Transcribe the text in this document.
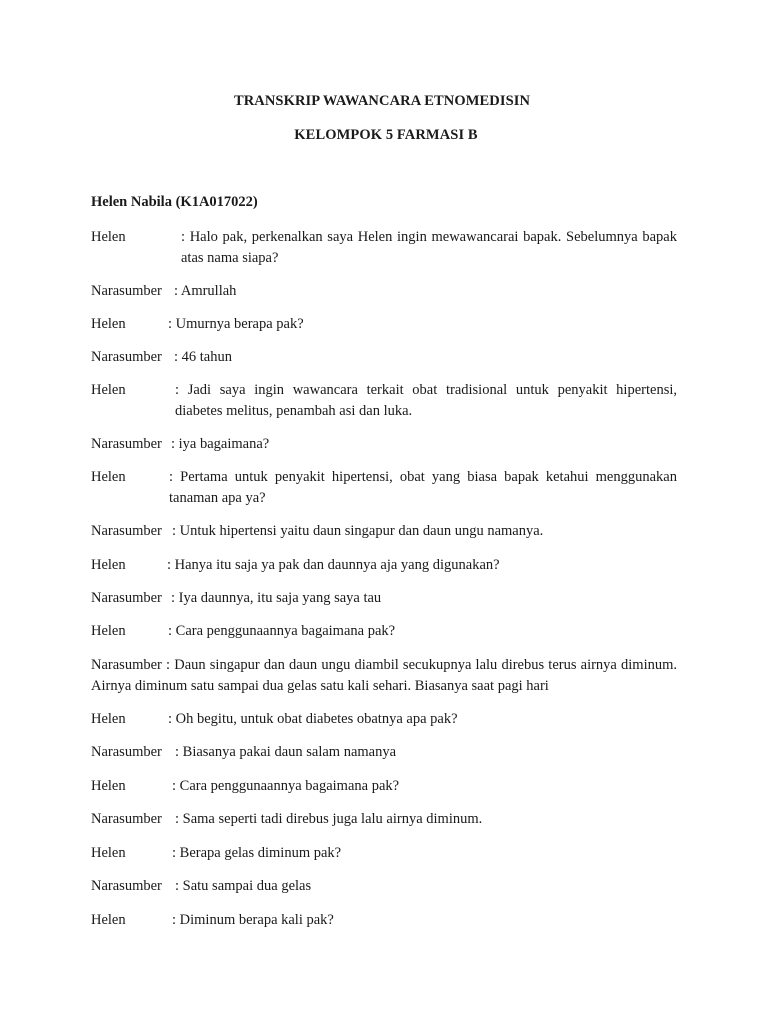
TRANSKRIP WAWANCARA ETNOMEDISIN
KELOMPOK 5 FARMASI B
Helen Nabila (K1A017022)
Helen	: Halo pak, perkenalkan saya Helen ingin mewawancarai bapak. Sebelumnya bapak atas nama siapa?
Narasumber : Amrullah
Helen	: Umurnya berapa pak?
Narasumber : 46 tahun
Helen	: Jadi saya ingin wawancara terkait obat tradisional untuk penyakit hipertensi, diabetes melitus, penambah asi dan luka.
Narasumber : iya bagaimana?
Helen	: Pertama untuk penyakit hipertensi, obat yang biasa bapak ketahui menggunakan tanaman apa ya?
Narasumber : Untuk hipertensi yaitu daun singapur dan daun ungu namanya.
Helen	: Hanya itu saja ya pak dan daunnya aja yang digunakan?
Narasumber : Iya daunnya, itu saja yang saya tau
Helen	: Cara penggunaannya bagaimana pak?
Narasumber : Daun singapur dan daun ungu diambil secukupnya lalu direbus terus airnya diminum. Airnya diminum satu sampai dua gelas satu kali sehari. Biasanya saat pagi hari
Helen	: Oh begitu, untuk obat diabetes obatnya apa pak?
Narasumber : Biasanya pakai daun salam namanya
Helen	: Cara penggunaannya bagaimana pak?
Narasumber : Sama seperti tadi direbus juga lalu airnya diminum.
Helen	: Berapa gelas diminum pak?
Narasumber : Satu sampai dua gelas
Helen	: Diminum berapa kali pak?
